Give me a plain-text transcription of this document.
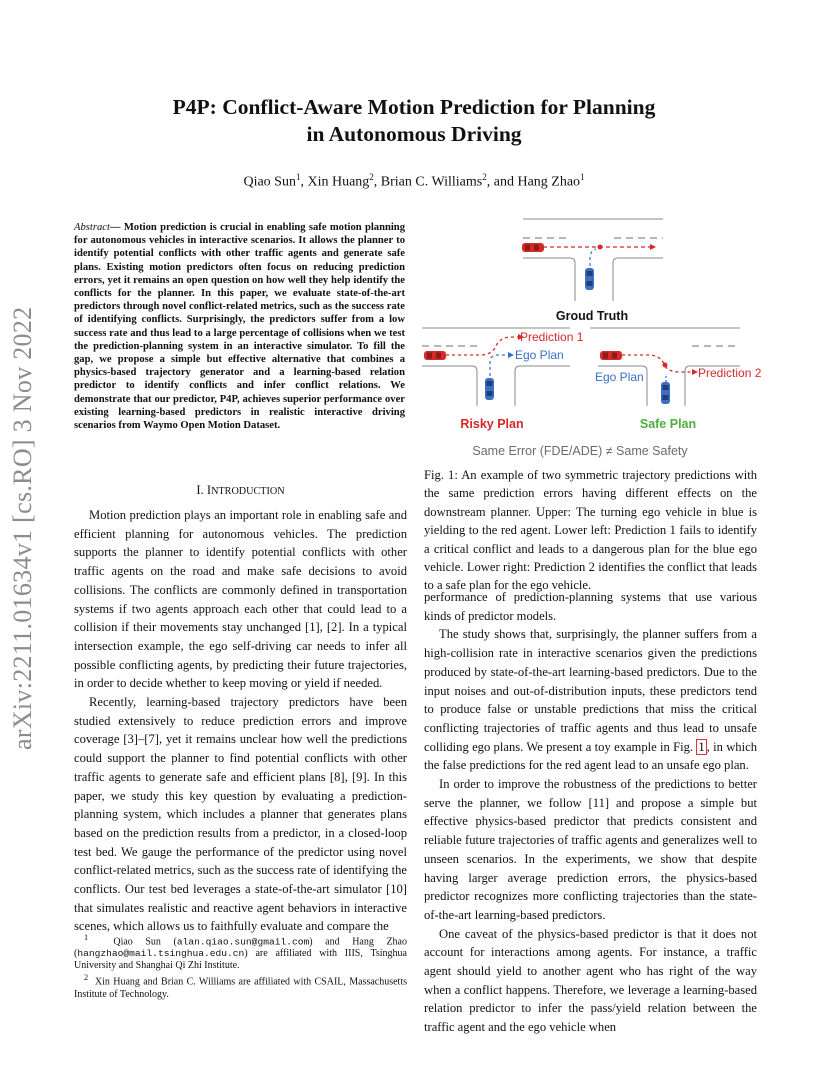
arXiv:2211.01634v1 [cs.RO] 3 Nov 2022
P4P: Conflict-Aware Motion Prediction for Planning
in Autonomous Driving
Qiao Sun$^1$, Xin Huang$^2$, Brian C. Williams$^2$, and Hang Zhao$^1$
Abstract— Motion prediction is crucial in enabling safe motion planning for autonomous vehicles in interactive scenarios. It allows the planner to identify potential conflicts with other traffic agents and generate safe plans. Existing motion predictors often focus on reducing prediction errors, yet it remains an open question on how well they help identify the conflicts for the planner. In this paper, we evaluate state-of-the-art predictors through novel conflict-related metrics, such as the success rate of identifying conflicts. Surprisingly, the predictors suffer from a low success rate and thus lead to a large percentage of collisions when we test the prediction-planning system in an interactive simulator. To fill the gap, we propose a simple but effective alternative that combines a physics-based trajectory generator and a learning-based relation predictor to identify conflicts and infer conflict relations. We demonstrate that our predictor, P4P, achieves superior performance over existing learning-based predictors in realistic interactive driving scenarios from Waymo Open Motion Dataset.
I. INTRODUCTION

Motion prediction plays an important role in enabling safe and efficient planning for autonomous vehicles. The prediction supports the planner to identify potential conflicts with other traffic agents on the road and make safe decisions to avoid collisions. The conflicts are commonly defined in transportation systems if two agents approach each other that could lead to a collision if their movements stay unchanged [1], [2]. In a typical intersection example, the ego self-driving car needs to infer all possible conflicting agents, by predicting their future trajectories, in order to decide whether to keep moving or yield if needed.

Recently, learning-based trajectory predictors have been studied extensively to reduce prediction errors and improve coverage [3]–[7], yet it remains unclear how well the predictions could support the planner to find potential conflicts with other traffic agents to generate safe and efficient plans [8], [9]. In this paper, we study this key question by evaluating a prediction-planning system, which includes a planner that generates plans based on the prediction results from a predictor, in a closed-loop test bed. We gauge the performance of the predictor using novel conflict-related metrics, such as the success rate of identifying the conflicts. Our test bed leverages a state-of-the-art simulator [10] that simulates realistic and reactive agent behaviors in interactive scenes, which allows us to faithfully evaluate and compare the

$^1$	Qiao Sun (alan.qiao.sun@gmail.com) and Hang Zhao (hangzhao@mail.tsinghua.edu.cn) are affiliated with IIIS, Tsinghua University and Shanghai Qi Zhi Institute.

$^2$ Xin Huang and Brian C. Williams are affiliated with CSAIL, Massachusetts Institute of Technology.

Groud Truth
Prediction 1
Ego Plan
Risky Plan
Prediction 2
Ego Plan
Safe Plan
Same Error (FDE/ADE) ≠ Same Safety
Fig. 1: An example of two symmetric trajectory predictions with the same prediction errors having different effects on the downstream planner. Upper: The turning ego vehicle in blue is yielding to the red agent. Lower left: Prediction 1 fails to identify a critical conflict and leads to a dangerous plan for the blue ego vehicle. Lower right: Prediction 2 identifies the conflict that leads to a safe plan for the ego vehicle.

performance of prediction-planning systems that use various kinds of predictor models.

The study shows that, surprisingly, the planner suffers from a high-collision rate in interactive scenarios given the predictions produced by state-of-the-art learning-based predictors. Due to the input noises and out-of-distribution inputs, these predictors tend to produce false or unstable predictions that miss the critical conflicting trajectories of traffic agents and thus lead to unsafe colliding ego plans. We present a toy example in Fig. 1 , in which the false predictions for the red agent lead to an unsafe ego plan.

In order to improve the robustness of the predictions to better serve the planner, we follow [11] and propose a simple but effective physics-based predictor that predicts consistent and reliable future trajectories of traffic agents and generalizes well to unseen scenarios. In the experiments, we show that despite having larger average prediction errors, the physics-based predictor recognizes more conflicting trajectories than the state-of-the-art learning-based predictors.

One caveat of the physics-based predictor is that it does not account for interactions among agents. For instance, a traffic agent should yield to another agent who has right of the way when a conflict happens. Therefore, we leverage a learning-based relation predictor to infer the pass/yield relation between the traffic agent and the ego vehicle when
